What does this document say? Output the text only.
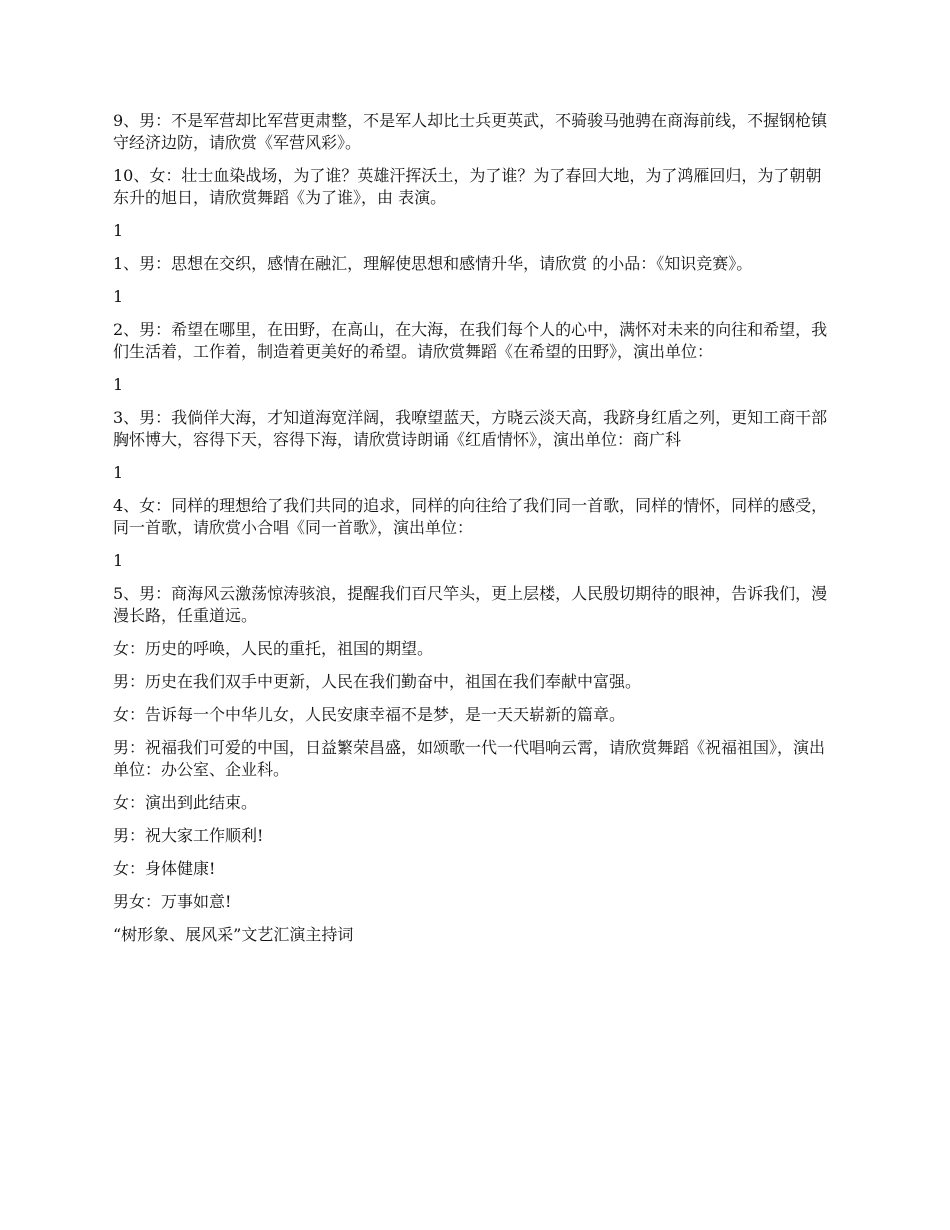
9、男：不是军营却比军营更肃整，不是军人却比士兵更英武，不骑骏马弛骋在商海前线，不握钢枪镇守经济边防，请欣赏《军营风彩》。

10、女：壮士血染战场，为了谁？英雄汗挥沃土，为了谁？为了春回大地，为了鸿雁回归，为了朝朝东升的旭日，请欣赏舞蹈《为了谁》，由 表演。

1

1、男：思想在交织，感情在融汇，理解使思想和感情升华，请欣赏 的小品：《知识竞赛》。

1

2、男：希望在哪里，在田野，在高山，在大海，在我们每个人的心中，满怀对未来的向往和希望，我们生活着，工作着，制造着更美好的希望。请欣赏舞蹈《在希望的田野》，演出单位：

1

3、男：我倘佯大海，才知道海宽洋阔，我嘹望蓝天，方晓云淡天高，我跻身红盾之列，更知工商干部胸怀博大，容得下天，容得下海，请欣赏诗朗诵《红盾情怀》，演出单位：商广科

1

4、女：同样的理想给了我们共同的追求，同样的向往给了我们同一首歌，同样的情怀，同样的感受，同一首歌，请欣赏小合唱《同一首歌》，演出单位：

1

5、男：商海风云激荡惊涛骇浪，提醒我们百尺竿头，更上层楼，人民殷切期待的眼神，告诉我们，漫漫长路，任重道远。

女：历史的呼唤，人民的重托，祖国的期望。

男：历史在我们双手中更新，人民在我们勤奋中，祖国在我们奉献中富强。

女：告诉每一个中华儿女，人民安康幸福不是梦，是一天天崭新的篇章。

男：祝福我们可爱的中国，日益繁荣昌盛，如颂歌一代一代唱响云霄，请欣赏舞蹈《祝福祖国》，演出单位：办公室、企业科。

女：演出到此结束。

男：祝大家工作顺利!

女：身体健康!

男女：万事如意!

“树形象、展风采”文艺汇演主持词
